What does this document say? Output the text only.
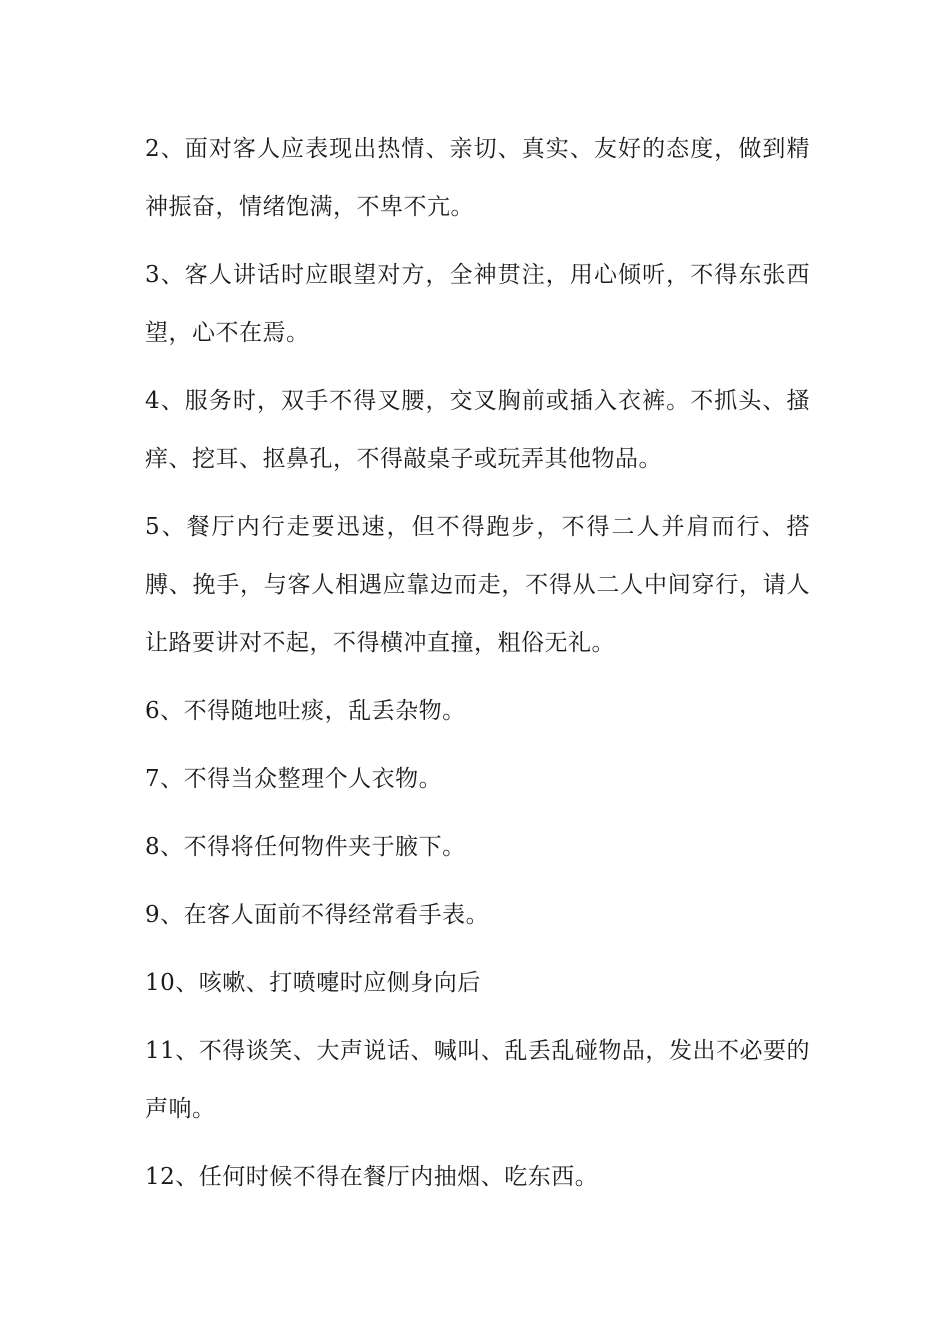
2、面对客人应表现出热情、亲切、真实、友好的态度，做到精神振奋，情绪饱满，不卑不亢。

3、客人讲话时应眼望对方，全神贯注，用心倾听，不得东张西望，心不在焉。

4、服务时，双手不得叉腰，交叉胸前或插入衣裤。不抓头、搔痒、挖耳、抠鼻孔，不得敲桌子或玩弄其他物品。

5、餐厅内行走要迅速，但不得跑步，不得二人并肩而行、搭膊、挽手，与客人相遇应靠边而走，不得从二人中间穿行，请人让路要讲对不起，不得横冲直撞，粗俗无礼。

6、不得随地吐痰，乱丢杂物。

7、不得当众整理个人衣物。

8、不得将任何物件夹于腋下。

9、在客人面前不得经常看手表。

10、咳嗽、打喷嚏时应侧身向后

11、不得谈笑、大声说话、喊叫、乱丢乱碰物品，发出不必要的声响。

12、任何时候不得在餐厅内抽烟、吃东西。
